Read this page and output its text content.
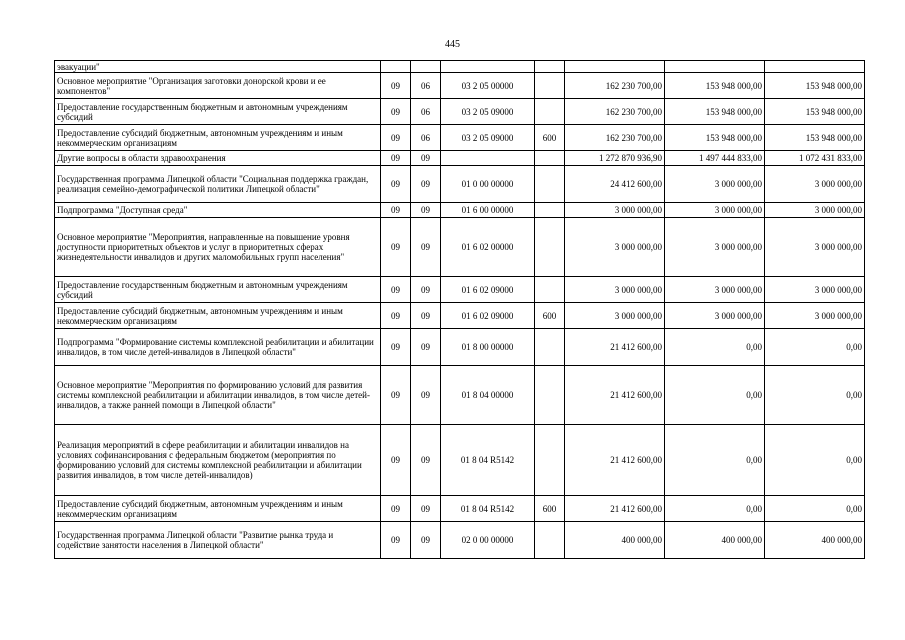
445
эвакуации"							
Основное мероприятие "Организация заготовки донорской крови и ее компонентов"	09	06	03 2 05 00000		162 230 700,00	153 948 000,00	153 948 000,00
Предоставление государственным бюджетным и автономным учреждениям субсидий	09	06	03 2 05 09000		162 230 700,00	153 948 000,00	153 948 000,00
Предоставление субсидий бюджетным, автономным учреждениям и иным некоммерческим организациям	09	06	03 2 05 09000	600	162 230 700,00	153 948 000,00	153 948 000,00
Другие вопросы в области здравоохранения	09	09			1 272 870 936,90	1 497 444 833,00	1 072 431 833,00
Государственная программа Липецкой области "Социальная поддержка граждан, реализация семейно-демографической политики Липецкой области"	09	09	01 0 00 00000		24 412 600,00	3 000 000,00	3 000 000,00
Подпрограмма "Доступная среда"	09	09	01 6 00 00000		3 000 000,00	3 000 000,00	3 000 000,00
Основное мероприятие "Мероприятия, направленные на повышение уровня доступности приоритетных объектов и услуг в приоритетных сферах жизнедеятельности инвалидов и других маломобильных групп населения"	09	09	01 6 02 00000		3 000 000,00	3 000 000,00	3 000 000,00
Предоставление государственным бюджетным и автономным учреждениям субсидий	09	09	01 6 02 09000		3 000 000,00	3 000 000,00	3 000 000,00
Предоставление субсидий бюджетным, автономным учреждениям и иным некоммерческим организациям	09	09	01 6 02 09000	600	3 000 000,00	3 000 000,00	3 000 000,00
Подпрограмма "Формирование системы комплексной реабилитации и абилитации инвалидов, в том числе детей-инвалидов в Липецкой области"	09	09	01 8 00 00000		21 412 600,00	0,00	0,00
Основное мероприятие "Мероприятия по формированию условий для развития системы комплексной реабилитации и абилитации инвалидов, в том числе детей-инвалидов, а также ранней помощи в Липецкой области"	09	09	01 8 04 00000		21 412 600,00	0,00	0,00
Реализация мероприятий в сфере реабилитации и абилитации инвалидов на условиях софинансирования с федеральным бюджетом (мероприятия по формированию условий для системы комплексной реабилитации и абилитации развития инвалидов, в том числе детей-инвалидов)	09	09	01 8 04 R5142		21 412 600,00	0,00	0,00
Предоставление субсидий бюджетным, автономным учреждениям и иным некоммерческим организациям	09	09	01 8 04 R5142	600	21 412 600,00	0,00	0,00
Государственная программа Липецкой области "Развитие рынка труда и содействие занятости населения в Липецкой области"	09	09	02 0 00 00000		400 000,00	400 000,00	400 000,00
